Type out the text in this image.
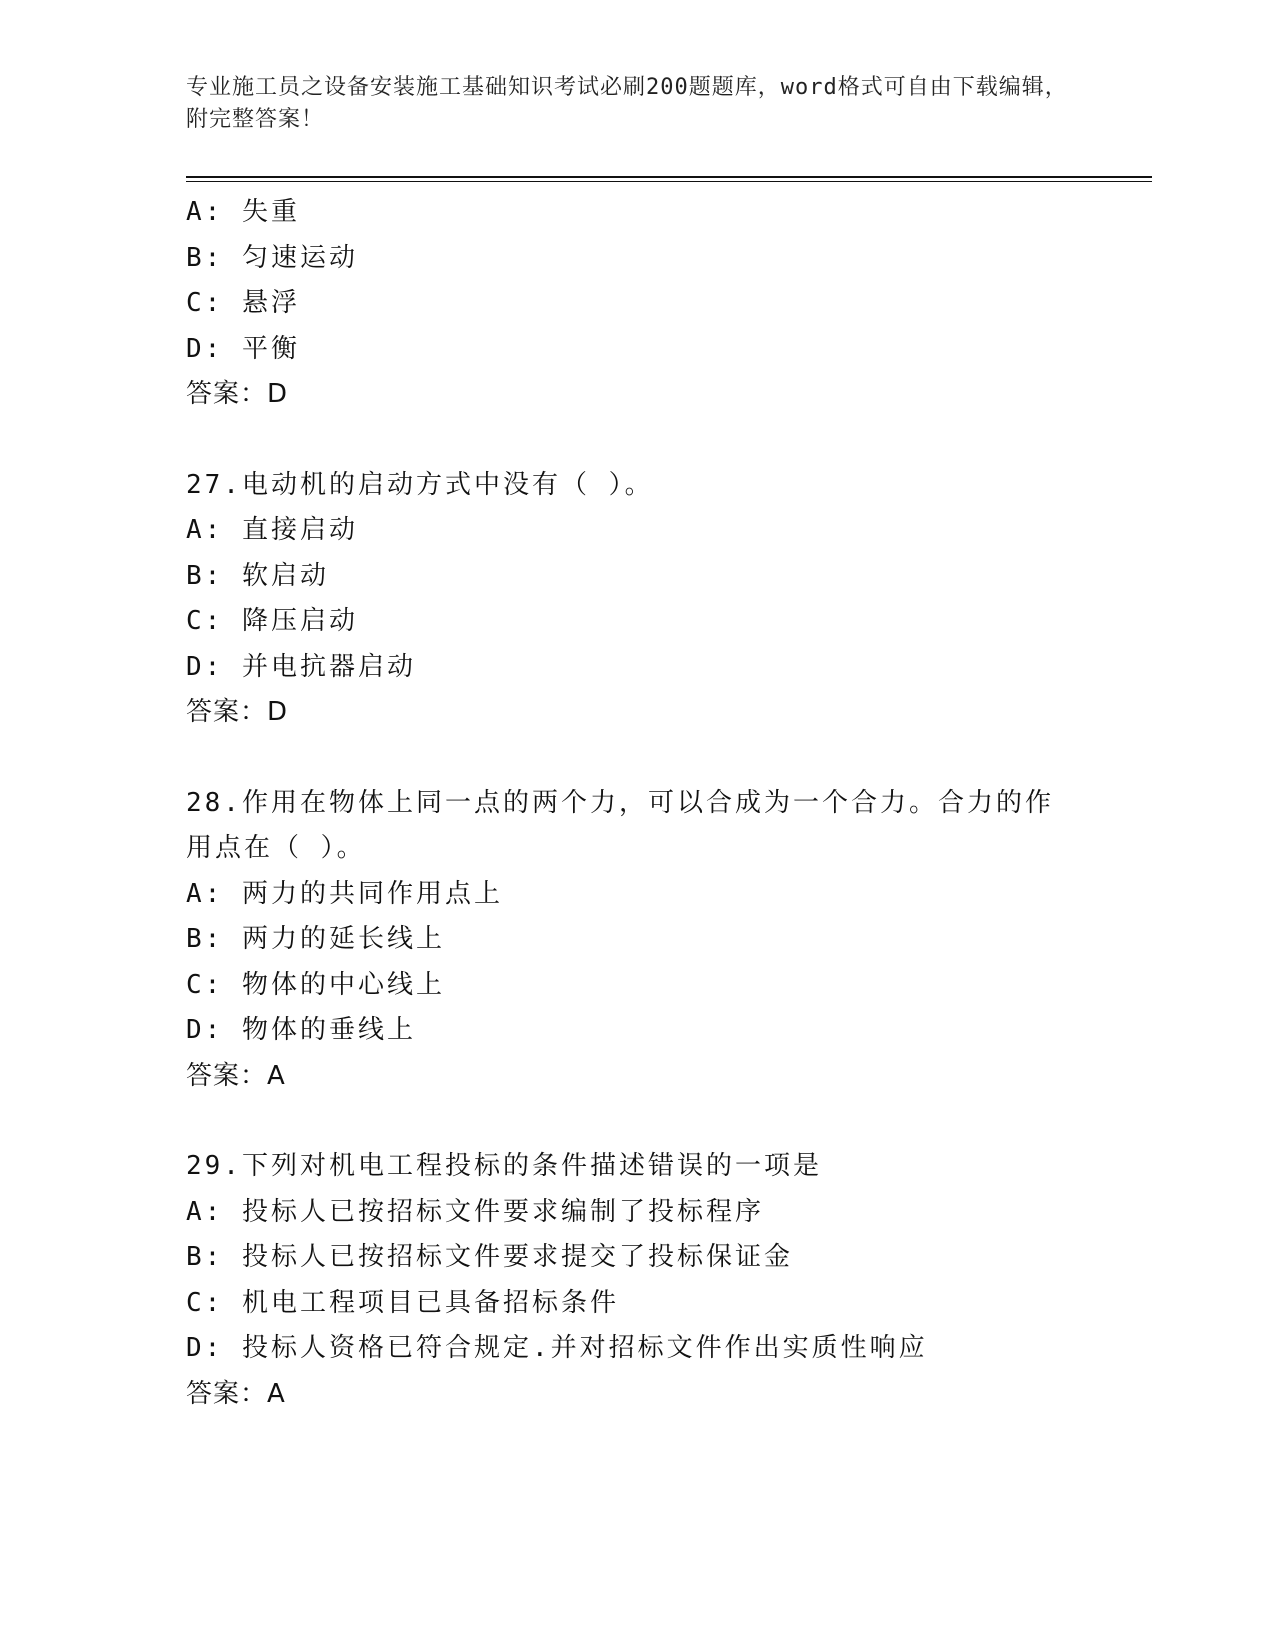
专业施工员之设备安装施工基础知识考试必刷200题题库，word格式可自由下载编辑，附完整答案！
A: 失重
B: 匀速运动
C: 悬浮
D: 平衡
答案：D
27.电动机的启动方式中没有（ ）。
A: 直接启动
B: 软启动
C: 降压启动
D: 并电抗器启动
答案：D
28.作用在物体上同一点的两个力，可以合成为一个合力。合力的作用点在（ ）。
A: 两力的共同作用点上
B: 两力的延长线上
C: 物体的中心线上
D: 物体的垂线上
答案：A
29.下列对机电工程投标的条件描述错误的一项是
A: 投标人已按招标文件要求编制了投标程序
B: 投标人已按招标文件要求提交了投标保证金
C: 机电工程项目已具备招标条件
D: 投标人资格已符合规定.并对招标文件作出实质性响应
答案：A
